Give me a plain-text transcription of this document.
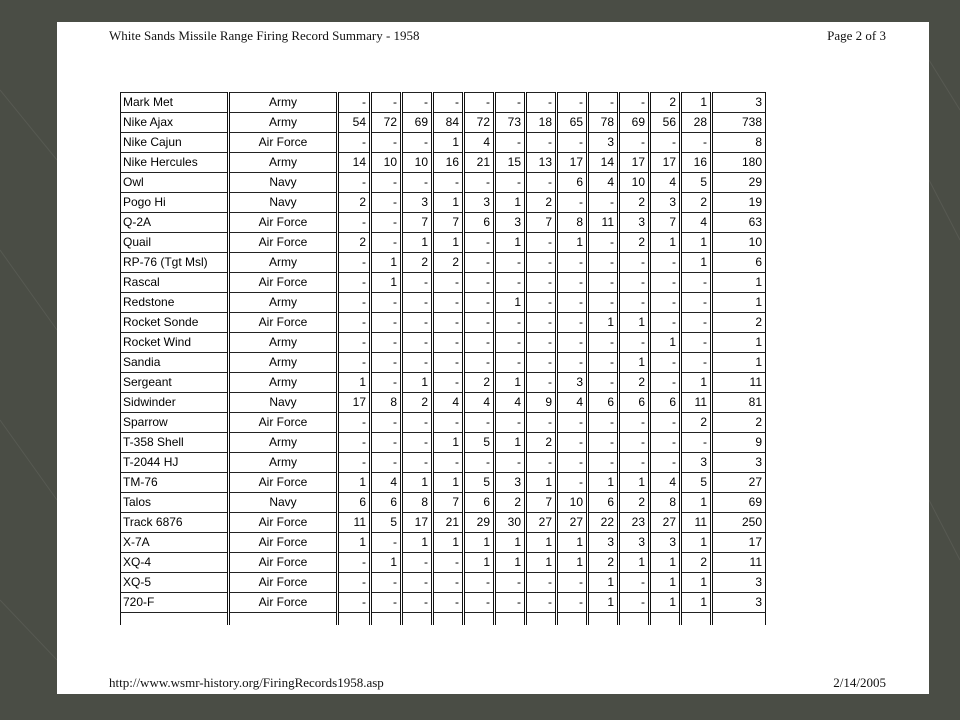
White Sands Missile Range Firing Record Summary - 1958	Page 2 of 3
Mark Met	Army	-	-	-	-	-	-	-	-	-	-	2	1	3
Nike Ajax	Army	54	72	69	84	72	73	18	65	78	69	56	28	738
Nike Cajun	Air Force	-	-	-	1	4	-	-	-	3	-	-	-	8
Nike Hercules	Army	14	10	10	16	21	15	13	17	14	17	17	16	180
Owl	Navy	-	-	-	-	-	-	-	6	4	10	4	5	29
Pogo Hi	Navy	2	-	3	1	3	1	2	-	-	2	3	2	19
Q-2A	Air Force	-	-	7	7	6	3	7	8	11	3	7	4	63
Quail	Air Force	2	-	1	1	-	1	-	1	-	2	1	1	10
RP-76 (Tgt Msl)	Army	-	1	2	2	-	-	-	-	-	-	-	1	6
Rascal	Air Force	-	1	-	-	-	-	-	-	-	-	-	-	1
Redstone	Army	-	-	-	-	-	1	-	-	-	-	-	-	1
Rocket Sonde	Air Force	-	-	-	-	-	-	-	-	1	1	-	-	2
Rocket Wind	Army	-	-	-	-	-	-	-	-	-	-	1	-	1
Sandia	Army	-	-	-	-	-	-	-	-	-	1	-	-	1
Sergeant	Army	1	-	1	-	2	1	-	3	-	2	-	1	11
Sidwinder	Navy	17	8	2	4	4	4	9	4	6	6	6	11	81
Sparrow	Air Force	-	-	-	-	-	-	-	-	-	-	-	2	2
T-358 Shell	Army	-	-	-	1	5	1	2	-	-	-	-	-	9
T-2044 HJ	Army	-	-	-	-	-	-	-	-	-	-	-	3	3
TM-76	Air Force	1	4	1	1	5	3	1	-	1	1	4	5	27
Talos	Navy	6	6	8	7	6	2	7	10	6	2	8	1	69
Track 6876	Air Force	11	5	17	21	29	30	27	27	22	23	27	11	250
X-7A	Air Force	1	-	1	1	1	1	1	1	3	3	3	1	17
XQ-4	Air Force	-	1	-	-	1	1	1	1	2	1	1	2	11
XQ-5	Air Force	-	-	-	-	-	-	-	-	1	-	1	1	3
720-F	Air Force	-	-	-	-	-	-	-	-	1	-	1	1	3

http://www.wsmr-history.org/FiringRecords1958.asp	2/14/2005
